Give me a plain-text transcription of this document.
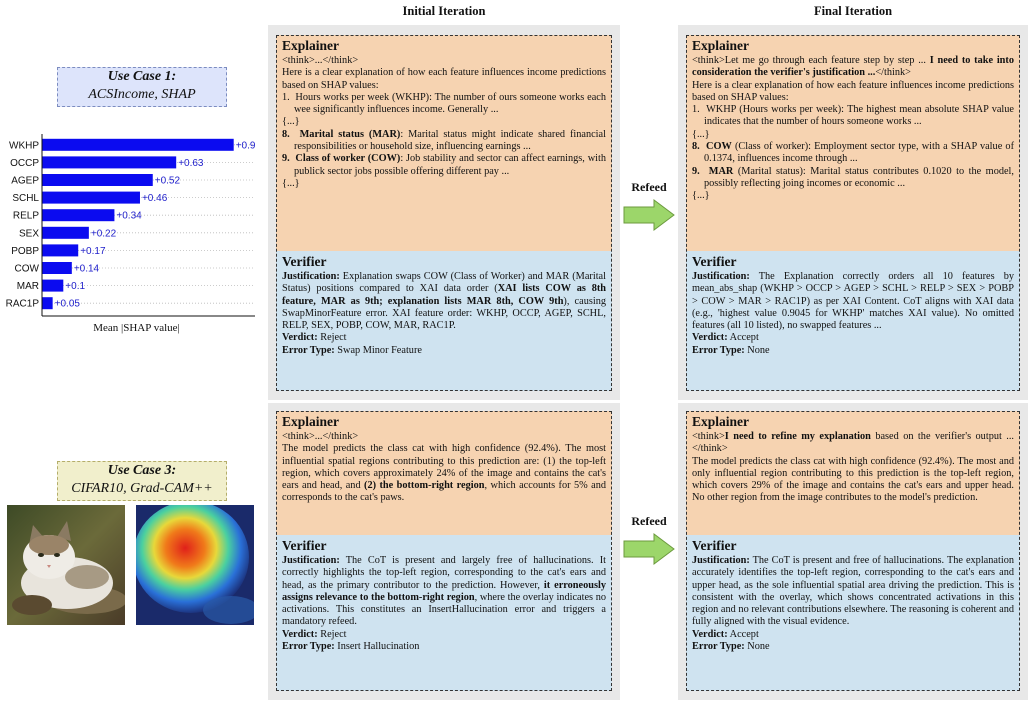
Initial Iteration	Final Iteration
Use Case 1:
ACSIncome, SHAP
WKHP	+0.9
OCCP	+0.63
AGEP	+0.52
SCHL	+0.46
RELP	+0.34
SEX	+0.22
POBP	+0.17
COW	+0.14
MAR	+0.1
RAC1P +0.05
Mean |SHAP value|
Use Case 3:
CIFAR10, Grad-CAM++
Explainer
<think>...</think>
Here is a clear explanation of how each feature influences income predictions based on SHAP values:
1. Hours works per week (WKHP): The number of ours someone works each wee significantly influences income. Generally ...
{...}
8. Marital status (MAR): Marital status might indicate shared financial responsibilities or household size, influencing earnings ...
9. Class of worker (COW): Job stability and sector can affect earnings, with publick sector jobs possible offering different pay ...
{...}
Verifier
Justification: Explanation swaps COW (Class of Worker) and MAR (Marital Status) positions compared to XAI data order (XAI lists COW as 8th feature, MAR as 9th; explanation lists MAR 8th, COW 9th), causing SwapMinorFeature error. XAI feature order: WKHP, OCCP, AGEP, SCHL, RELP, SEX, POBP, COW, MAR, RAC1P.
Verdict: Reject
Error Type: Swap Minor Feature
Explainer
<think>Let me go through each feature step by step ... I need to take into consideration the verifier's justification ...</think>
Here is a clear explanation of how each feature influences income predictions based on SHAP values:
1. WKHP (Hours works per week): The highest mean absolute SHAP value indicates that the number of hours someone works ...
{...}
8. COW (Class of worker): Employment sector type, with a SHAP value of 0.1374, influences income through ...
9. MAR (Marital status): Marital status contributes 0.1020 to the model, possibly reflecting joing incomes or economic ...
{...}
Verifier
Justification: The Explanation correctly orders all 10 features by mean_abs_shap (WKHP > OCCP > AGEP > SCHL > RELP > SEX > POBP > COW > MAR > RAC1P) as per XAI Content. CoT aligns with XAI data (e.g., 'highest value 0.9045 for WKHP' matches XAI value). No omitted features (all 10 listed), no swapped features ...
Verdict: Accept
Error Type: None
Explainer
<think>...</think>
The model predicts the class cat with high confidence (92.4%). The most influential spatial regions contributing to this prediction are: (1) the top-left region, which covers approximately 24% of the image and contains the cat's ears and head, and (2) the bottom-right region, which accounts for 5% and corresponds to the cat's paws.
Verifier
Justification: The CoT is present and largely free of hallucinations. It correctly highlights the top-left region, corresponding to the cat's ears and head, as the primary contributor to the prediction. However, it erroneously assigns relevance to the bottom-right region, where the overlay indicates no activations. This constitutes an InsertHallucination error and triggers a mandatory refeed.
Verdict: Reject
Error Type: Insert Hallucination
Explainer
<think>I need to refine my explanation based on the verifier's output ...</think>
The model predicts the class cat with high confidence (92.4%). The most and only influential region contributing to this prediction is the top-left region, which covers 29% of the image and contains the cat's ears and upper head. No other region from the image contributes to the model's prediction.
Verifier
Justification: The CoT is present and free of hallucinations. The explanation accurately identifies the top-left region, corresponding to the cat's ears and upper head, as the sole influential spatial area driving the prediction. This is consistent with the overlay, which shows concentrated activations in this region and no relevant contributions elsewhere. The reasoning is coherent and fully aligned with the visual evidence.
Verdict: Accept
Error Type: None
Refeed
Refeed
